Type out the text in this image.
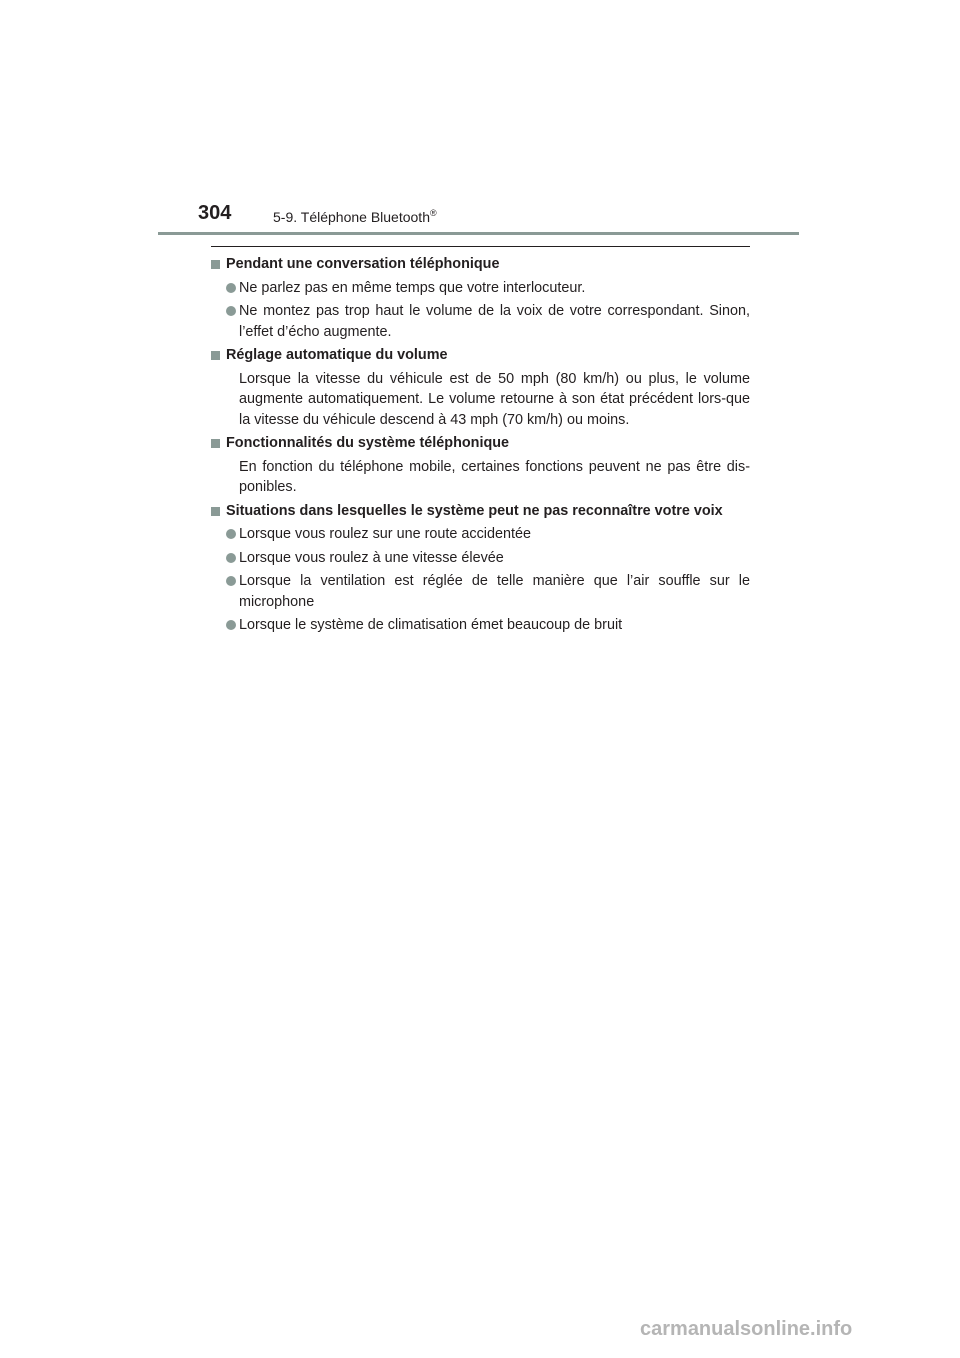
304	5-9. Téléphone Bluetooth®
Pendant une conversation téléphonique
Ne parlez pas en même temps que votre interlocuteur.
Ne montez pas trop haut le volume de la voix de votre correspondant. Sinon, l’effet d’écho augmente.
Réglage automatique du volume
Lorsque la vitesse du véhicule est de 50 mph (80 km/h) ou plus, le volume augmente automatiquement. Le volume retourne à son état précédent lors-que la vitesse du véhicule descend à 43 mph (70 km/h) ou moins.
Fonctionnalités du système téléphonique
En fonction du téléphone mobile, certaines fonctions peuvent ne pas être dis-ponibles.
Situations dans lesquelles le système peut ne pas reconnaître votre voix
Lorsque vous roulez sur une route accidentée
Lorsque vous roulez à une vitesse élevée
Lorsque la ventilation est réglée de telle manière que l’air souffle sur le microphone
Lorsque le système de climatisation émet beaucoup de bruit
carmanualsonline.info
